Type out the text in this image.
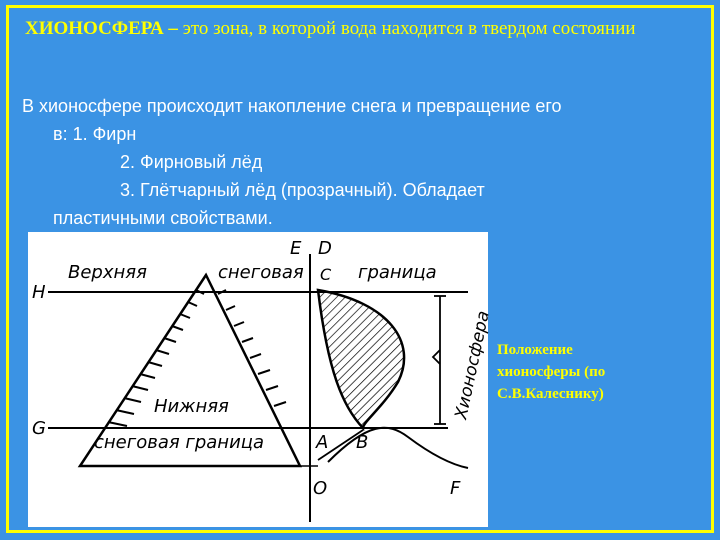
ХИОНОСФЕРА – это зона, в которой вода находится в твердом состоянии

В хионосфере происходит накопление снега и превращение его

в: 1. Фирн

2. Фирновый лёд

3. Глётчарный лёд (прозрачный). Обладает

пластичными свойствами.

Верхняя	снеговая	граница
Нижняя
снеговая граница
Хионосфера
E D
C
H
G
A B
O	F
Положение
хионосферы (по
С.В.Калеснику)
